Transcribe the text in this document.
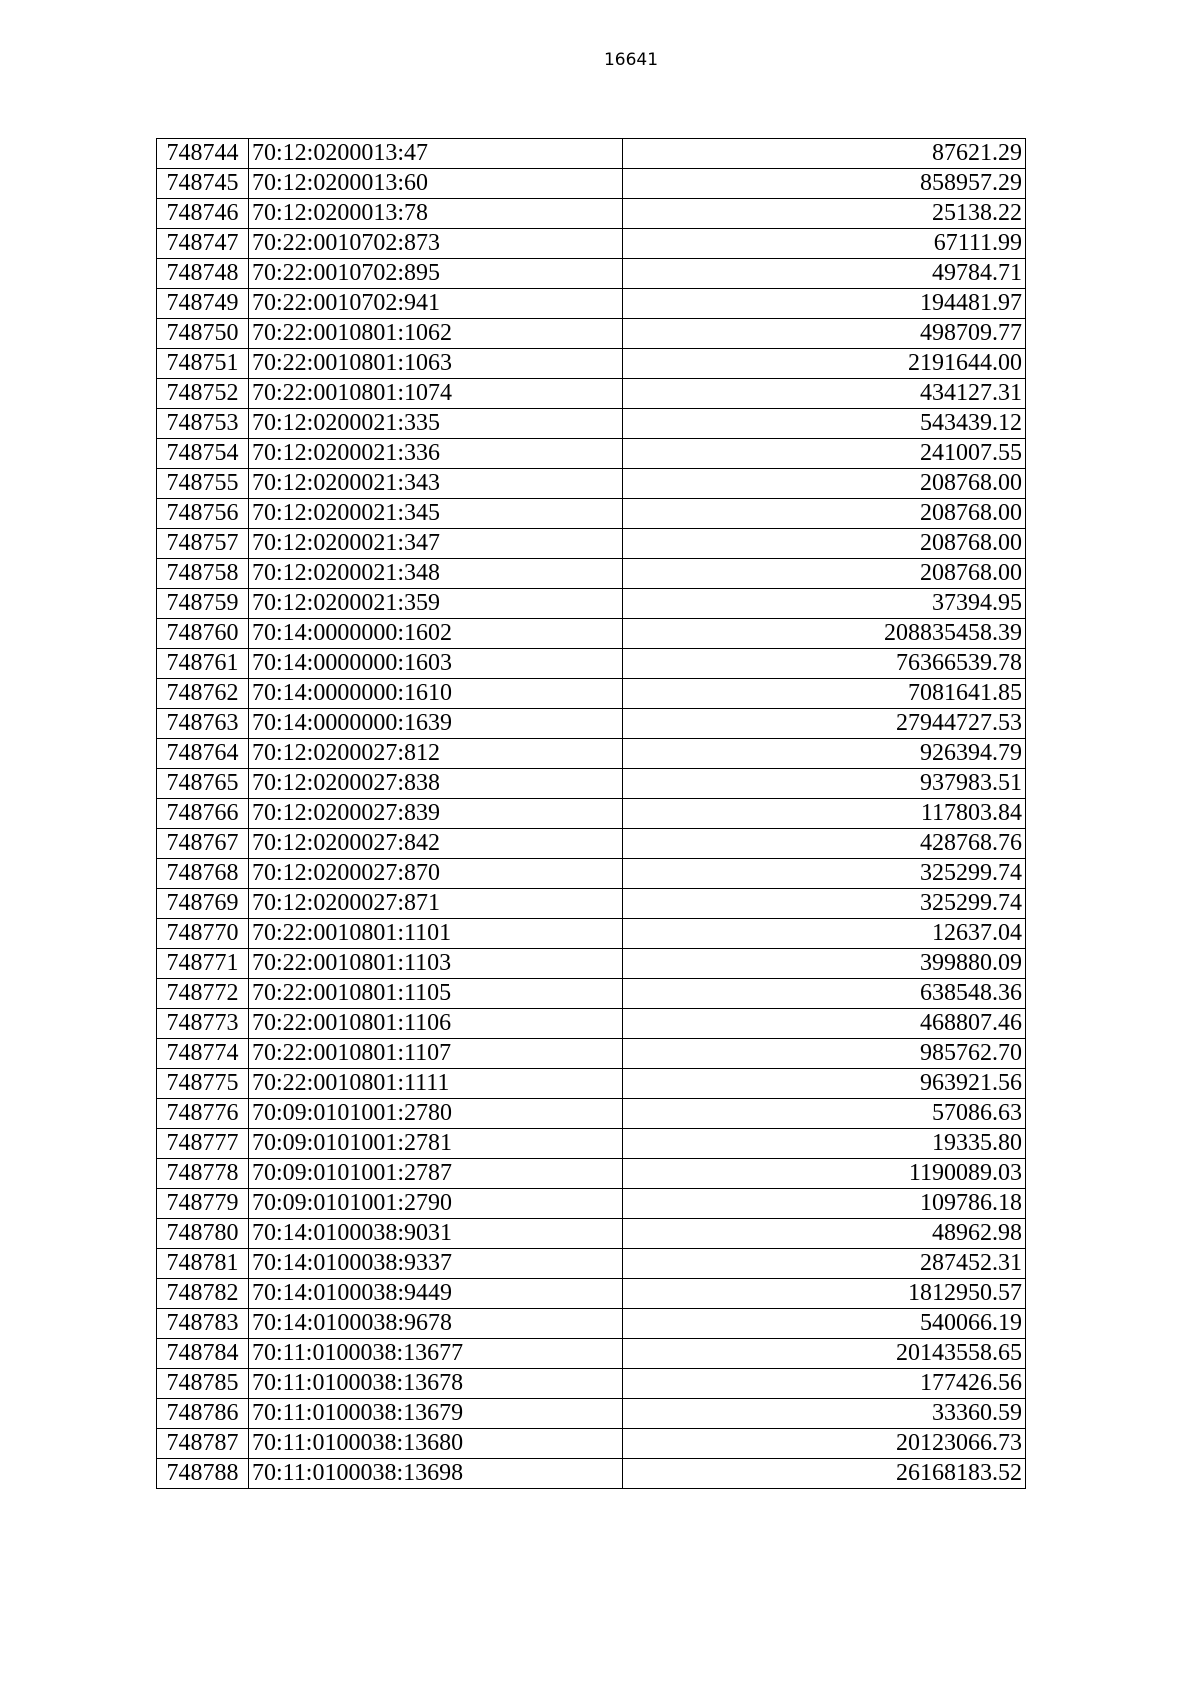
16641
748744	70:12:0200013:47	87621.29
748745	70:12:0200013:60	858957.29
748746	70:12:0200013:78	25138.22
748747	70:22:0010702:873	67111.99
748748	70:22:0010702:895	49784.71
748749	70:22:0010702:941	194481.97
748750	70:22:0010801:1062	498709.77
748751	70:22:0010801:1063	2191644.00
748752	70:22:0010801:1074	434127.31
748753	70:12:0200021:335	543439.12
748754	70:12:0200021:336	241007.55
748755	70:12:0200021:343	208768.00
748756	70:12:0200021:345	208768.00
748757	70:12:0200021:347	208768.00
748758	70:12:0200021:348	208768.00
748759	70:12:0200021:359	37394.95
748760	70:14:0000000:1602	208835458.39
748761	70:14:0000000:1603	76366539.78
748762	70:14:0000000:1610	7081641.85
748763	70:14:0000000:1639	27944727.53
748764	70:12:0200027:812	926394.79
748765	70:12:0200027:838	937983.51
748766	70:12:0200027:839	117803.84
748767	70:12:0200027:842	428768.76
748768	70:12:0200027:870	325299.74
748769	70:12:0200027:871	325299.74
748770	70:22:0010801:1101	12637.04
748771	70:22:0010801:1103	399880.09
748772	70:22:0010801:1105	638548.36
748773	70:22:0010801:1106	468807.46
748774	70:22:0010801:1107	985762.70
748775	70:22:0010801:1111	963921.56
748776	70:09:0101001:2780	57086.63
748777	70:09:0101001:2781	19335.80
748778	70:09:0101001:2787	1190089.03
748779	70:09:0101001:2790	109786.18
748780	70:14:0100038:9031	48962.98
748781	70:14:0100038:9337	287452.31
748782	70:14:0100038:9449	1812950.57
748783	70:14:0100038:9678	540066.19
748784	70:11:0100038:13677	20143558.65
748785	70:11:0100038:13678	177426.56
748786	70:11:0100038:13679	33360.59
748787	70:11:0100038:13680	20123066.73
748788	70:11:0100038:13698	26168183.52
